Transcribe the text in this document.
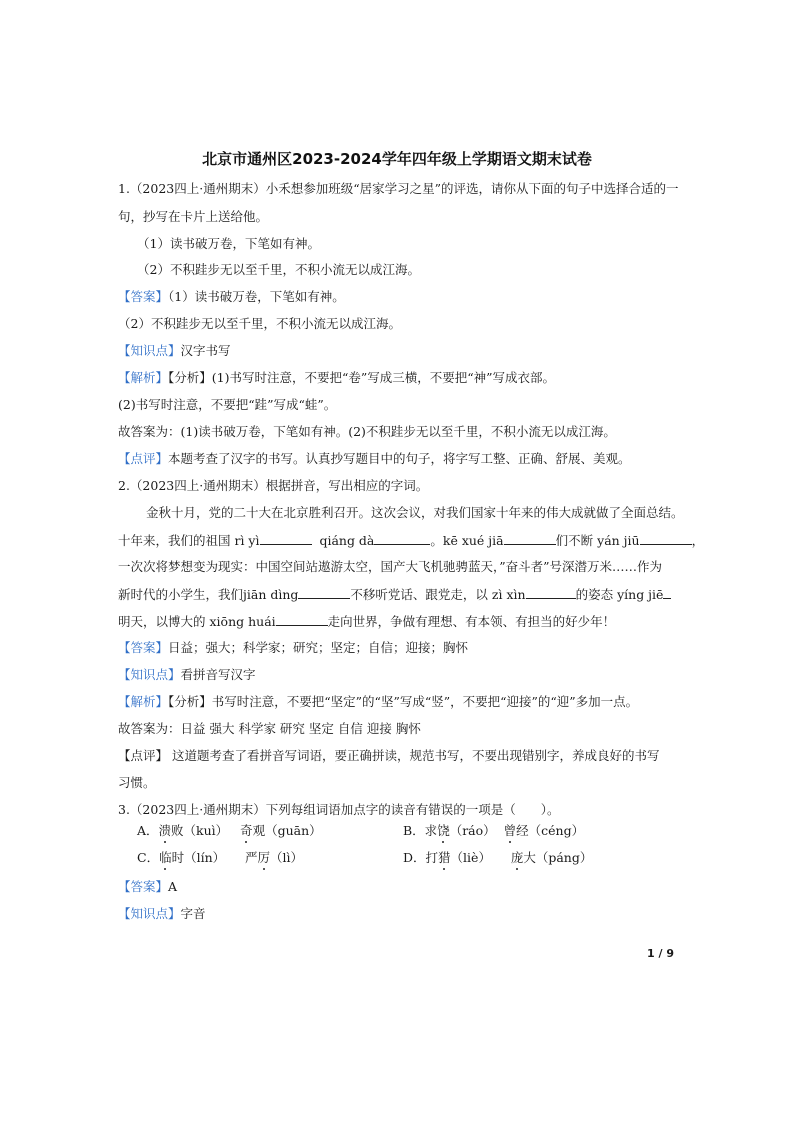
北京市通州区2023-2024学年四年级上学期语文期末试卷
1.（2023四上·通州期末）小禾想参加班级“居家学习之星”的评选，请你从下面的句子中选择合适的一
句，抄写在卡片上送给他。
（1）读书破万卷，下笔如有神。
（2）不积跬步无以至千里，不积小流无以成江海。
【答案】（1）读书破万卷，下笔如有神。
（2）不积跬步无以至千里，不积小流无以成江海。
【知识点】汉字书写
【解析】【分析】(1)书写时注意，不要把“卷”写成三横，不要把“神”写成衣部。
(2)书写时注意，不要把“跬”写成“蛙”。
故答案为：(1)读书破万卷，下笔如有神。(2)不积跬步无以至千里，不积小流无以成江海。
【点评】本题考查了汉字的书写。认真抄写题目中的句子，将字写工整、正确、舒展、美观。
2.（2023四上·通州期末）根据拼音，写出相应的字词。
金秋十月，党的二十大在北京胜利召开。这次会议，对我们国家十年来的伟大成就做了全面总结。
十年来，我们的祖国 rì yì	qiáng dà	。kē xué jiā	们不断 yán jiū	，
一次次将梦想变为现实：中国空间站遨游太空，国产大飞机驰骋蓝天，”奋斗者”号深潜万米……作为
新时代的小学生，我们jiān dìng	不移听党话、跟党走，以 zì xìn	的姿态 yíng jiē
明天，以博大的 xiōng huái	走向世界，争做有理想、有本领、有担当的好少年！
【答案】日益；强大；科学家；研究；坚定；自信；迎接；胸怀
【知识点】看拼音写汉字
【解析】【分析】书写时注意，不要把“坚定”的“坚”写成“竖”，不要把“迎接”的“迎”多加一点。
故答案为：日益 强大 科学家 研究 坚定 自信 迎接 胸怀
【点评】 这道题考查了看拼音写词语，要正确拼读，规范书写，不要出现错别字，养成良好的书写
习惯。
3.（2023四上·通州期末）下列每组词语加点字的读音有错误的一项是（　　）。
A．溃败（kuì） 奇观（guān）	B．求饶（ráo） 曾经（céng）
C．临时（lín） 严厉（lì）	D．打猎（liè） 庞大（páng）
【答案】A
【知识点】字音
1 / 9
